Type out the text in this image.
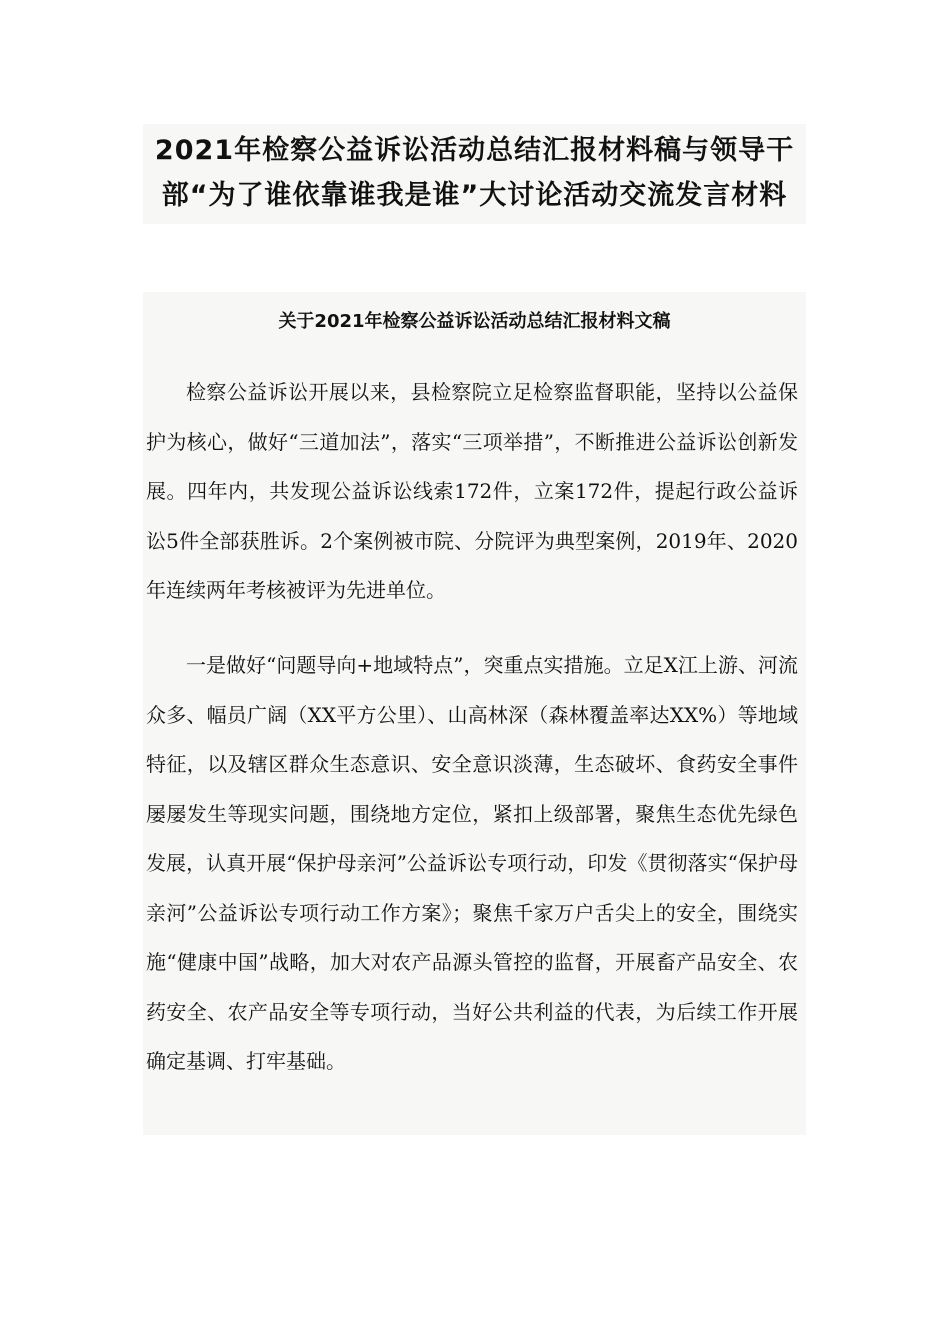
2021年检察公益诉讼活动总结汇报材料稿与领导干部“为了谁依靠谁我是谁”大讨论活动交流发言材料
关于2021年检察公益诉讼活动总结汇报材料文稿

检察公益诉讼开展以来，县检察院立足检察监督职能，坚持以公益保护为核心，做好“三道加法”，落实“三项举措”，不断推进公益诉讼创新发展。四年内，共发现公益诉讼线索172件，立案172件，提起行政公益诉讼5件全部获胜诉。2个案例被市院、分院评为典型案例，2019年、2020年连续两年考核被评为先进单位。

一是做好“问题导向+地域特点”，突重点实措施。立足X江上游、河流众多、幅员广阔（XX平方公里）、山高林深（森林覆盖率达XX%）等地域特征，以及辖区群众生态意识、安全意识淡薄，生态破坏、食药安全事件屡屡发生等现实问题，围绕地方定位，紧扣上级部署，聚焦生态优先绿色发展，认真开展“保护母亲河”公益诉讼专项行动，印发《贯彻落实“保护母亲河”公益诉讼专项行动工作方案》；聚焦千家万户舌尖上的安全，围绕实施“健康中国”战略，加大对农产品源头管控的监督，开展畜产品安全、农药安全、农产品安全等专项行动，当好公共利益的代表，为后续工作开展确定基调、打牢基础。
